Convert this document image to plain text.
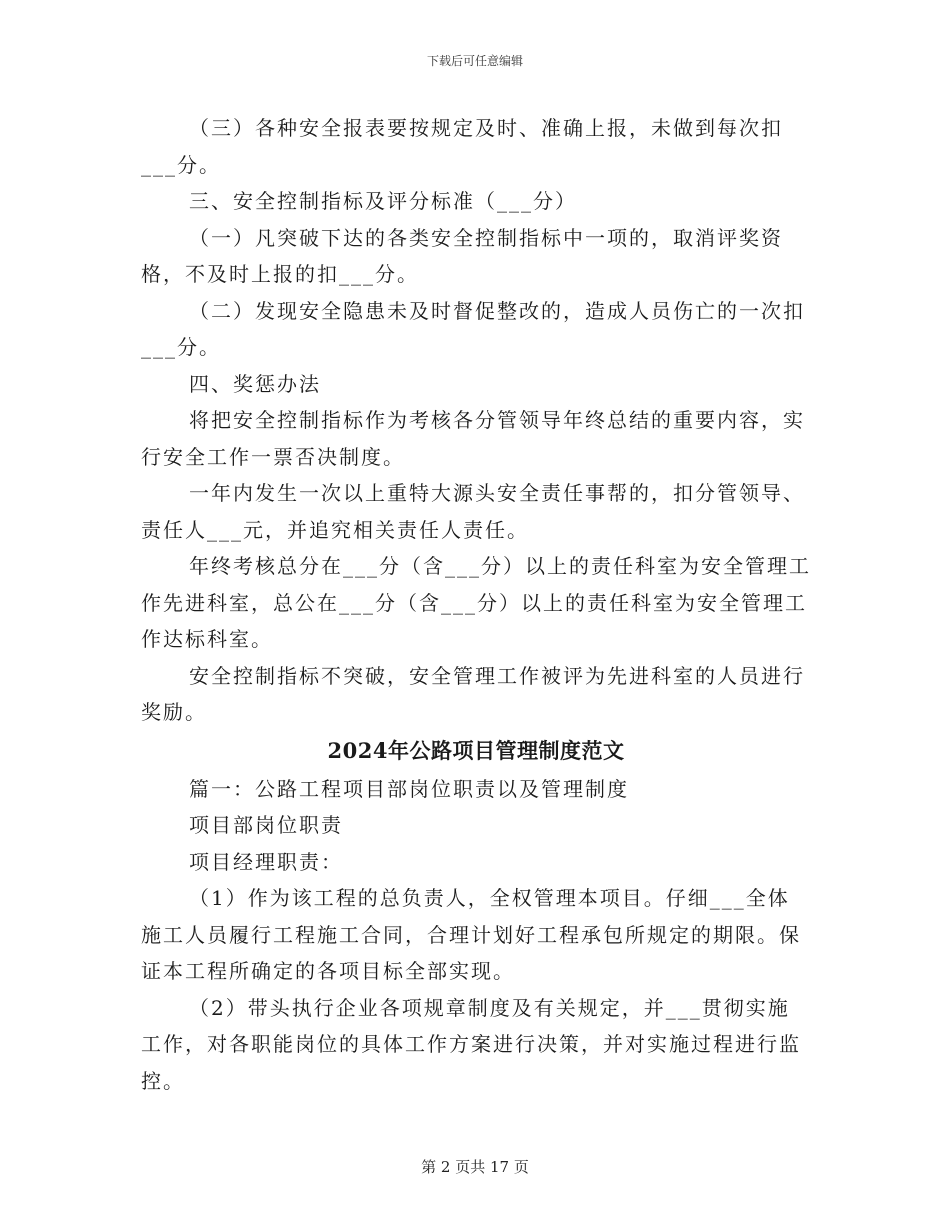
下载后可任意编辑

（三）各种安全报表要按规定及时、准确上报，未做到每次扣___分。

三、安全控制指标及评分标准（___分）

（一）凡突破下达的各类安全控制指标中一项的，取消评奖资格，不及时上报的扣___分。

（二）发现安全隐患未及时督促整改的，造成人员伤亡的一次扣___分。

四、奖惩办法

将把安全控制指标作为考核各分管领导年终总结的重要内容，实行安全工作一票否决制度。

一年内发生一次以上重特大源头安全责任事帮的，扣分管领导、责任人___元，并追究相关责任人责任。

年终考核总分在___分（含___分）以上的责任科室为安全管理工作先进科室，总公在___分（含___分）以上的责任科室为安全管理工作达标科室。

安全控制指标不突破，安全管理工作被评为先进科室的人员进行奖励。

2024年公路项目管理制度范文

篇一：公路工程项目部岗位职责以及管理制度

项目部岗位职责

项目经理职责：

（1）作为该工程的总负责人，全权管理本项目。仔细___全体施工人员履行工程施工合同，合理计划好工程承包所规定的期限。保证本工程所确定的各项目标全部实现。

（2）带头执行企业各项规章制度及有关规定，并___贯彻实施工作，对各职能岗位的具体工作方案进行决策，并对实施过程进行监控。

第 2 页共 17 页
